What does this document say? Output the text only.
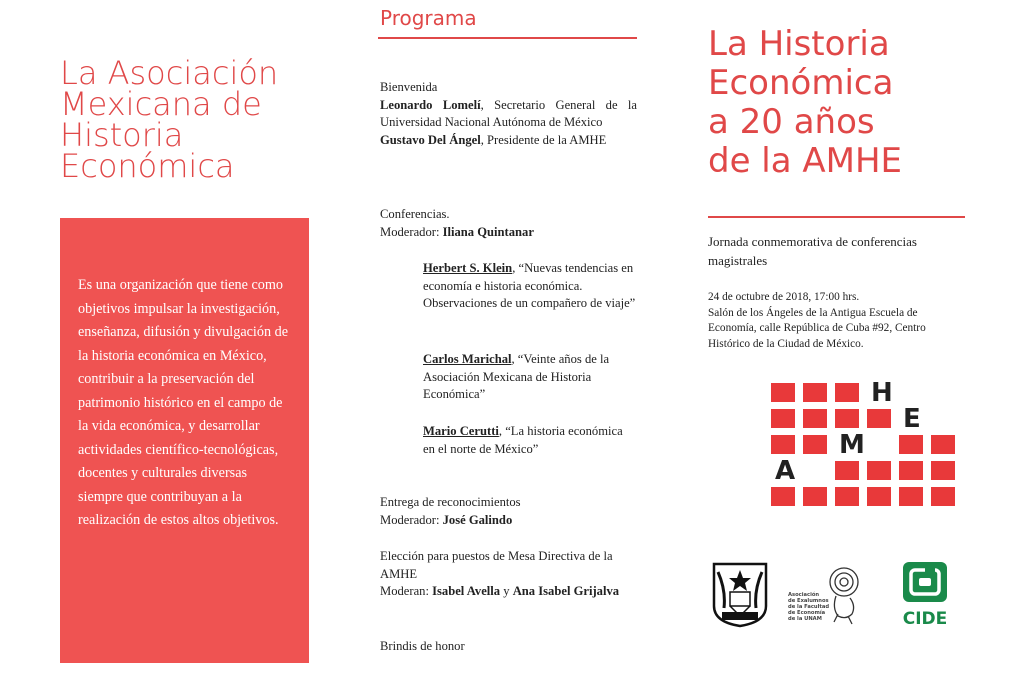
La Asociación
Mexicana de
Historia
Económica
Es una organización que tiene como objetivos impulsar la investigación, enseñanza, difusión y divulgación de la historia económica en México, contribuir a la preservación del patrimonio histórico en el campo de la vida económica, y desarrollar actividades científico-tecnológicas, docentes y culturales diversas siempre que contribuyan a la realización de estos altos objetivos.
Programa
Bienvenida
Leonardo Lomelí, Secretario General de la Universidad Nacional Autónoma de México
Gustavo Del Ángel, Presidente de la AMHE
Conferencias.
Moderador: Iliana Quintanar
Herbert S. Klein, “Nuevas tendencias en economía e historia económica. Observaciones de un compañero de viaje”
Carlos Marichal, “Veinte años de la Asociación Mexicana de Historia Económica”
Mario Cerutti, “La historia económica en el norte de México”
Entrega de reconocimientos
Moderador: José Galindo
Elección para puestos de Mesa Directiva de la AMHE
Moderan: Isabel Avella y Ana Isabel Grijalva
Brindis de honor
La Historia
Económica
a 20 años
de la AMHE
Jornada conmemorativa de conferencias magistrales
24 de octubre de 2018, 17:00 hrs.
Salón de los Ángeles de la Antigua Escuela de Economía, calle República de Cuba #92, Centro Histórico de la Ciudad de México.
H
E
M
A
Asociación
de Exalumnos
de la Facultad
de Economía
de la UNAM	CIDE
